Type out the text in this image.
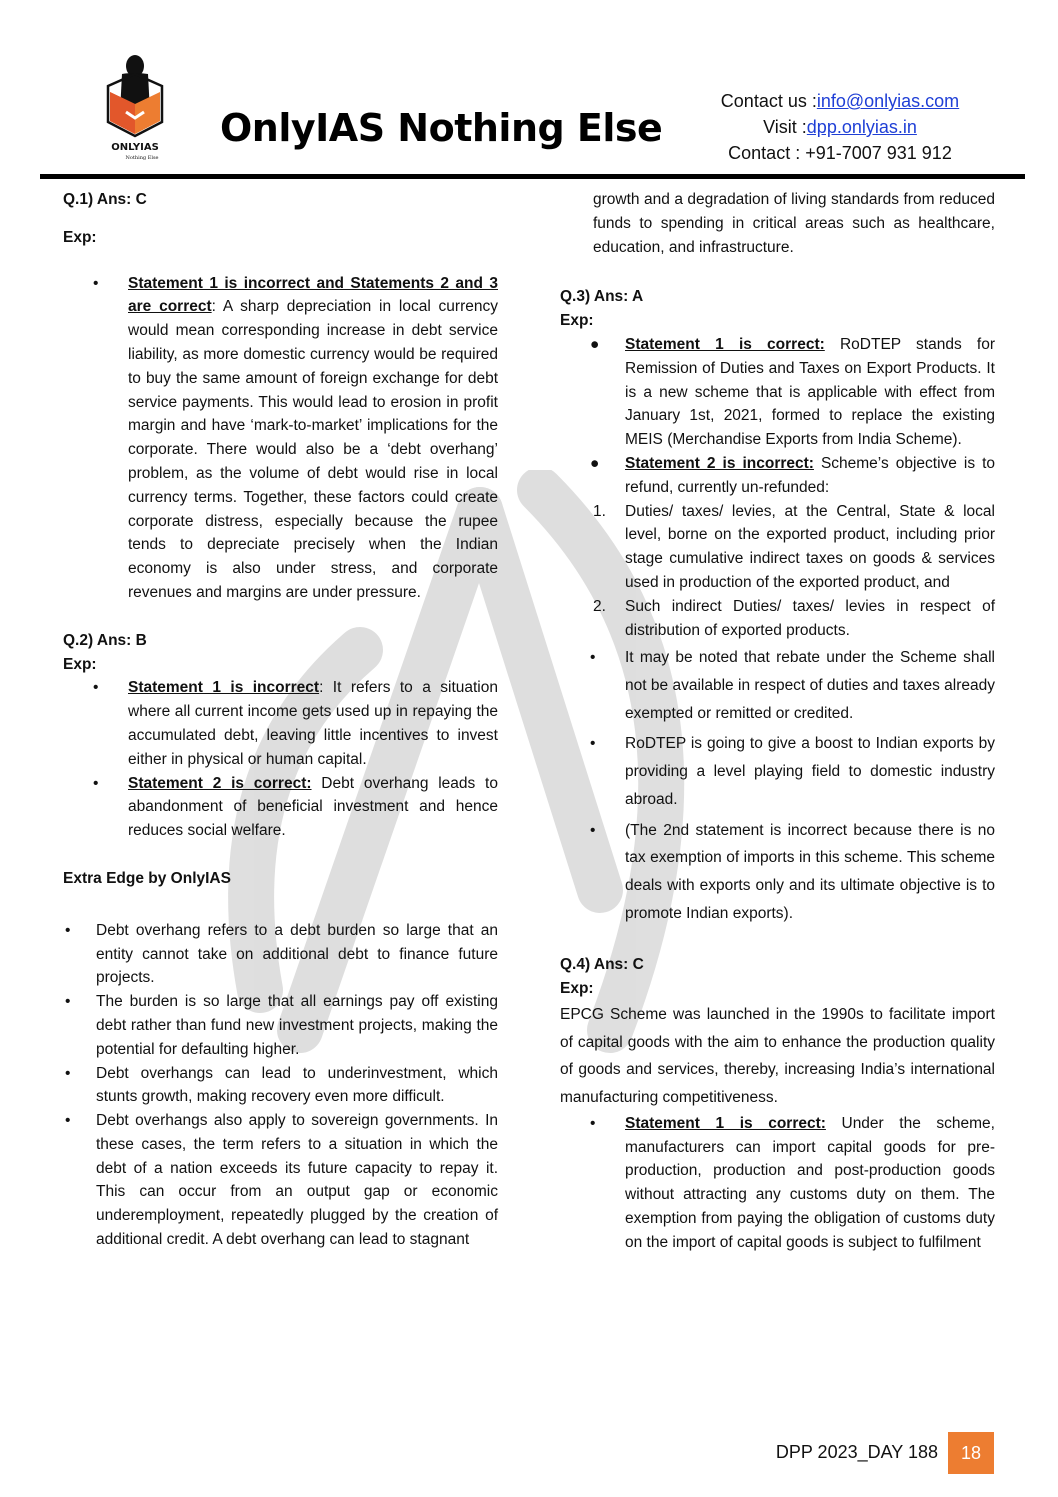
ONLYIAS
Nothing Else
OnlyIAS Nothing Else
Contact us :info@onlyias.com
Visit :dpp.onlyias.in
Contact : +91-7007 931 912
Q.1) Ans: C
Exp:
• Statement 1 is incorrect and Statements 2 and 3 are correct: A sharp depreciation in local currency would mean corresponding increase in debt service liability, as more domestic currency would be required to buy the same amount of foreign exchange for debt service payments. This would lead to erosion in profit margin and have ‘mark-to-market’ implications for the corporate. There would also be a ‘debt overhang’ problem, as the volume of debt would rise in local currency terms. Together, these factors could create corporate distress, especially because the rupee tends to depreciate precisely when the Indian economy is also under stress, and corporate revenues and margins are under pressure.
Q.2) Ans: B
Exp:
• Statement 1 is incorrect: It refers to a situation where all current income gets used up in repaying the accumulated debt, leaving little incentives to invest either in physical or human capital.
• Statement 2 is correct: Debt overhang leads to abandonment of beneficial investment and hence reduces social welfare.
Extra Edge by OnlyIAS
• Debt overhang refers to a debt burden so large that an entity cannot take on additional debt to finance future projects.
• The burden is so large that all earnings pay off existing debt rather than fund new investment projects, making the potential for defaulting higher.
• Debt overhangs can lead to underinvestment, which stunts growth, making recovery even more difficult.
• Debt overhangs also apply to sovereign governments. In these cases, the term refers to a situation in which the debt of a nation exceeds its future capacity to repay it. This can occur from an output gap or economic underemployment, repeatedly plugged by the creation of additional credit. A debt overhang can lead to stagnant
growth and a degradation of living standards from reduced funds to spending in critical areas such as healthcare, education, and infrastructure.
Q.3) Ans: A
Exp:
● Statement 1 is correct: RoDTEP stands for Remission of Duties and Taxes on Export Products. It is a new scheme that is applicable with effect from January 1st, 2021, formed to replace the existing MEIS (Merchandise Exports from India Scheme).
● Statement 2 is incorrect: Scheme’s objective is to refund, currently un-refunded:
1. Duties/ taxes/ levies, at the Central, State & local level, borne on the exported product, including prior stage cumulative indirect taxes on goods & services used in production of the exported product, and
2. Such indirect Duties/ taxes/ levies in respect of distribution of exported products.
• It may be noted that rebate under the Scheme shall not be available in respect of duties and taxes already exempted or remitted or credited.
• RoDTEP is going to give a boost to Indian exports by providing a level playing field to domestic industry abroad.
• (The 2nd statement is incorrect because there is no tax exemption of imports in this scheme. This scheme deals with exports only and its ultimate objective is to promote Indian exports).
Q.4) Ans: C
Exp:
EPCG Scheme was launched in the 1990s to facilitate import of capital goods with the aim to enhance the production quality of goods and services, thereby, increasing India’s international manufacturing competitiveness.
• Statement 1 is correct: Under the scheme, manufacturers can import capital goods for pre-production, production and post-production goods without attracting any customs duty on them. The exemption from paying the obligation of customs duty on the import of capital goods is subject to fulfilment
DPP 2023_DAY 188	18
